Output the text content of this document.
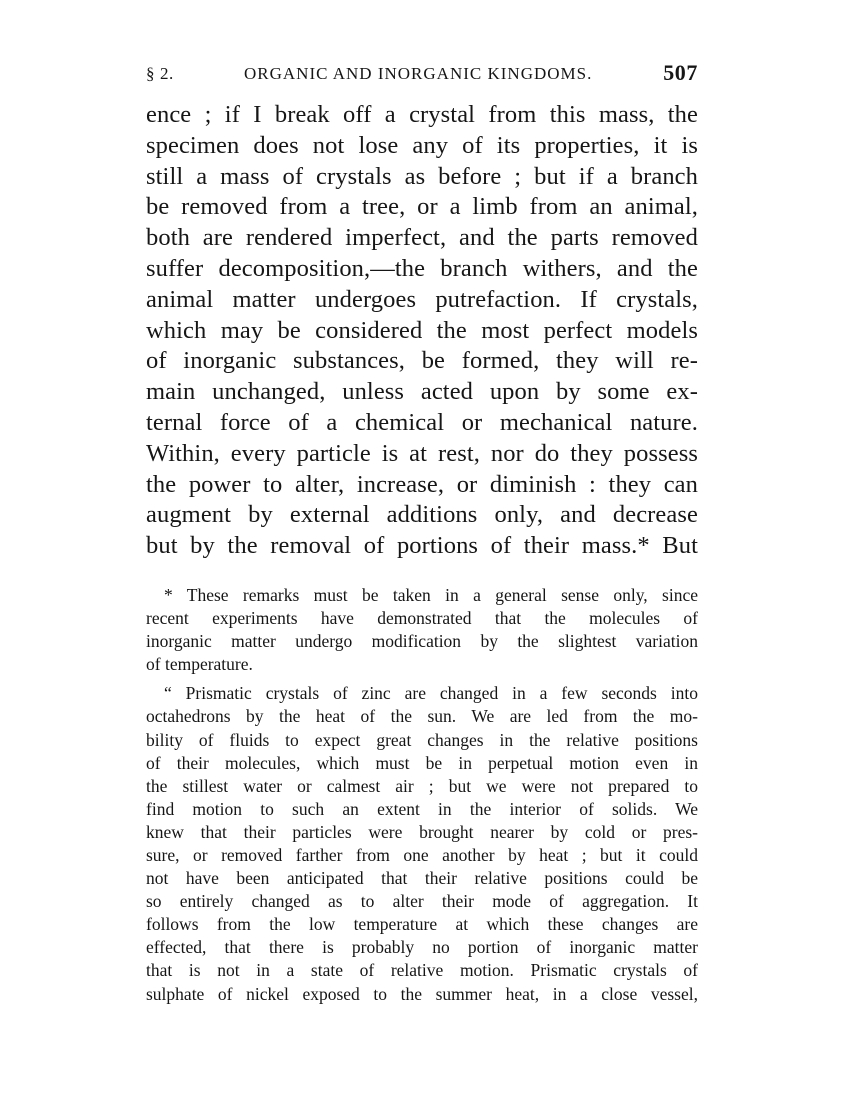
§ 2.	ORGANIC AND INORGANIC KINGDOMS.	507
ence ; if I break off a crystal from this mass, the
specimen does not lose any of its properties, it is
still a mass of crystals as before ; but if a branch
be removed from a tree, or a limb from an animal,
both are rendered imperfect, and the parts removed
suffer decomposition,—the branch withers, and the
animal matter undergoes putrefaction. If crystals,
which may be considered the most perfect models
of inorganic substances, be formed, they will re-
main unchanged, unless acted upon by some ex-
ternal force of a chemical or mechanical nature.
Within, every particle is at rest, nor do they possess
the power to alter, increase, or diminish : they can
augment by external additions only, and decrease
but by the removal of portions of their mass.* But
* These remarks must be taken in a general sense only, since
recent experiments have demonstrated that the molecules of
inorganic matter undergo modification by the slightest variation
of temperature.
“ Prismatic crystals of zinc are changed in a few seconds into
octahedrons by the heat of the sun. We are led from the mo-
bility of fluids to expect great changes in the relative positions
of their molecules, which must be in perpetual motion even in
the stillest water or calmest air ; but we were not prepared to
find motion to such an extent in the interior of solids. We
knew that their particles were brought nearer by cold or pres-
sure, or removed farther from one another by heat ; but it could
not have been anticipated that their relative positions could be
so entirely changed as to alter their mode of aggregation. It
follows from the low temperature at which these changes are
effected, that there is probably no portion of inorganic matter
that is not in a state of relative motion. Prismatic crystals of
sulphate of nickel exposed to the summer heat, in a close vessel,
